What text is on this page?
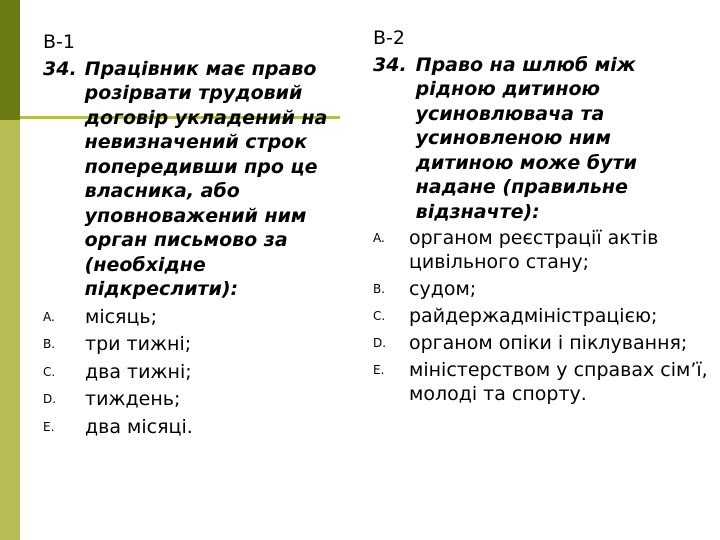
В-1
34. Працівник має право розірвати трудовий договір укладений на невизначений строк попередивши про це власника, або уповноважений ним орган письмово за (необхідне підкреслити):
A.	місяць;
B.	три тижні;
C.	два тижні;
D.	тиждень;
E.	два місяці.
В-2
34. Право на шлюб між рідною дитиною усиновлювача та усиновленою ним дитиною може бути надане (правильне відзначте):
A.	органом реєстрації актів цивільного стану;
B.	судом;
C.	райдержадміністрацією;
D.	органом опіки і піклування;
E.	міністерством у справах сім’ї, молоді та спорту.
